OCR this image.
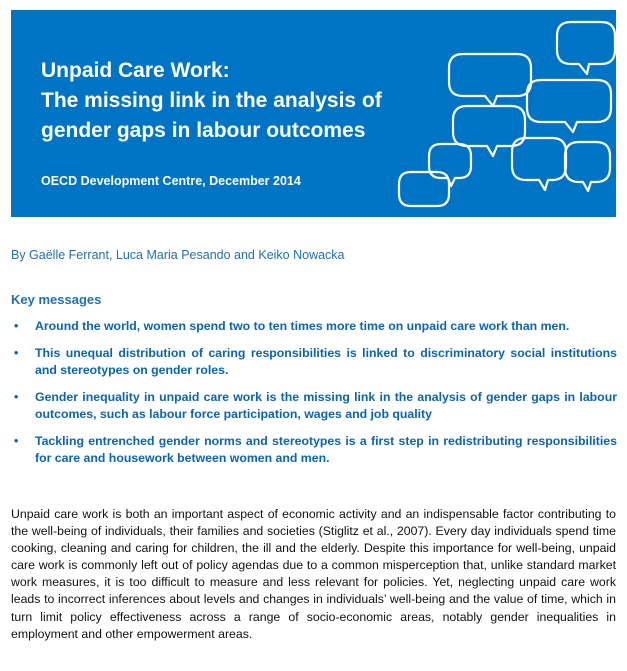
Unpaid Care Work:
The missing link in the analysis of
gender gaps in labour outcomes
OECD Development Centre, December 2014
By Gaëlle Ferrant, Luca Maria Pesando and Keiko Nowacka
Key messages
• Around the world, women spend two to ten times more time on unpaid care work than men.
• This unequal distribution of caring responsibilities is linked to discriminatory social institutions and stereotypes on gender roles.
• Gender inequality in unpaid care work is the missing link in the analysis of gender gaps in labour outcomes, such as labour force participation, wages and job quality
• Tackling entrenched gender norms and stereotypes is a first step in redistributing responsibilities for care and housework between women and men.

Unpaid care work is both an important aspect of economic activity and an indispensable factor contributing to the well-being of individuals, their families and societies (Stiglitz et al., 2007). Every day individuals spend time cooking, cleaning and caring for children, the ill and the elderly. Despite this importance for well-being, unpaid care work is commonly left out of policy agendas due to a common misperception that, unlike standard market work measures, it is too difficult to measure and less relevant for policies. Yet, neglecting unpaid care work leads to incorrect inferences about levels and changes in individuals’ well-being and the value of time, which in turn limit policy effectiveness across a range of socio-economic areas, notably gender inequalities in employment and other empowerment areas.
